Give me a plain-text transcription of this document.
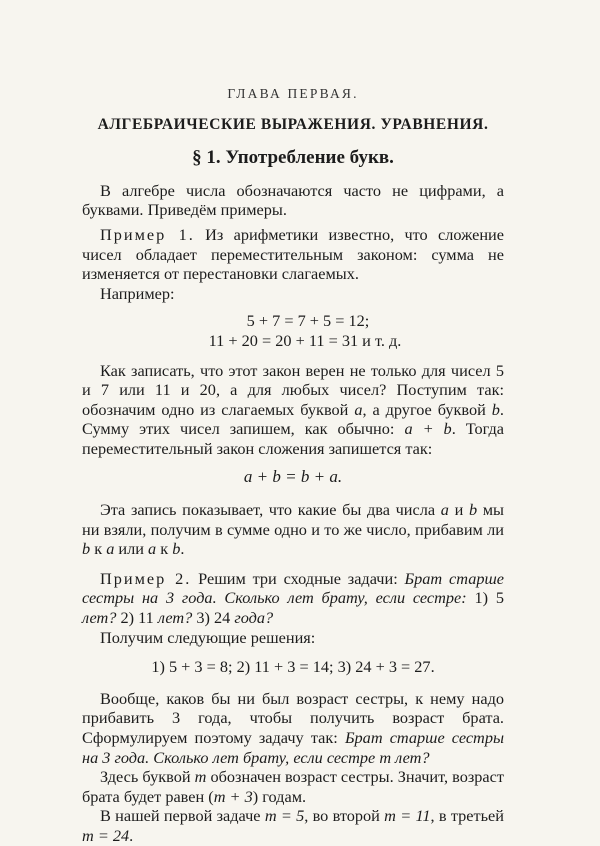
ГЛАВА ПЕРВАЯ.
АЛГЕБРАИЧЕСКИЕ ВЫРАЖЕНИЯ. УРАВНЕНИЯ.
§ 1. Употребление букв.

В алгебре числа обозначаются часто не цифрами, а буквами. Приведём примеры.

Пример 1. Из арифметики известно, что сложение чисел обладает переместительным законом: сумма не изменяется от перестановки слагаемых.

Например:

5 + 7 = 7 + 5 = 12;
11 + 20 = 20 + 11 = 31 и т. д.

Как записать, что этот закон верен не только для чисел 5 и 7 или 11 и 20, а для любых чисел? Поступим так: обозначим одно из слагаемых буквой a, а другое буквой b. Сумму этих чисел запишем, как обычно: a + b. Тогда переместительный закон сложения запишется так:

a + b = b + a.

Эта запись показывает, что какие бы два числа a и b мы ни взяли, получим в сумме одно и то же число, прибавим ли b к a или a к b.

Пример 2. Решим три сходные задачи: Брат старше сестры на 3 года. Сколько лет брату, если сестре: 1) 5 лет? 2) 11 лет? 3) 24 года?

Получим следующие решения:

1) 5 + 3 = 8; 2) 11 + 3 = 14; 3) 24 + 3 = 27.

Вообще, каков бы ни был возраст сестры, к нему надо прибавить 3 года, чтобы получить возраст брата. Сформулируем поэтому задачу так: Брат старше сестры на 3 года. Сколько лет брату, если сестре m лет?

Здесь буквой m обозначен возраст сестры. Значит, возраст брата будет равен (m + 3) годам.

В нашей первой задаче m = 5, во второй m = 11, в третьей m = 24.
